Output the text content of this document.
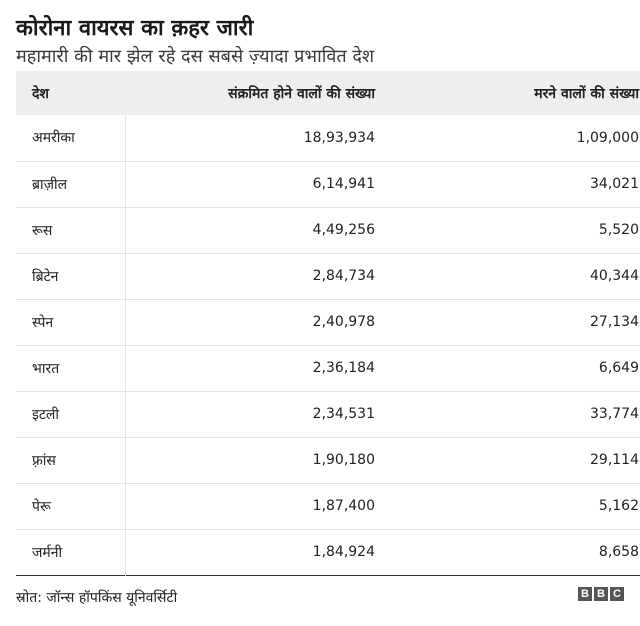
कोरोना वायरस का क़हर जारी
महामारी की मार झेल रहे दस सबसे ज़्यादा प्रभावित देश
देश	संक्रमित होने वालों की संख्या	मरने वालों की संख्या
अमरीका	18,93,934	1,09,000
ब्राज़ील	6,14,941	34,021
रूस	4,49,256	5,520
ब्रिटेन	2,84,734	40,344
स्पेन	2,40,978	27,134
भारत	2,36,184	6,649
इटली	2,34,531	33,774
फ़्रांस	1,90,180	29,114
पेरू	1,87,400	5,162
जर्मनी	1,84,924	8,658
स्रोत: जॉन्स हॉपकिंस यूनिवर्सिटी	B B C
